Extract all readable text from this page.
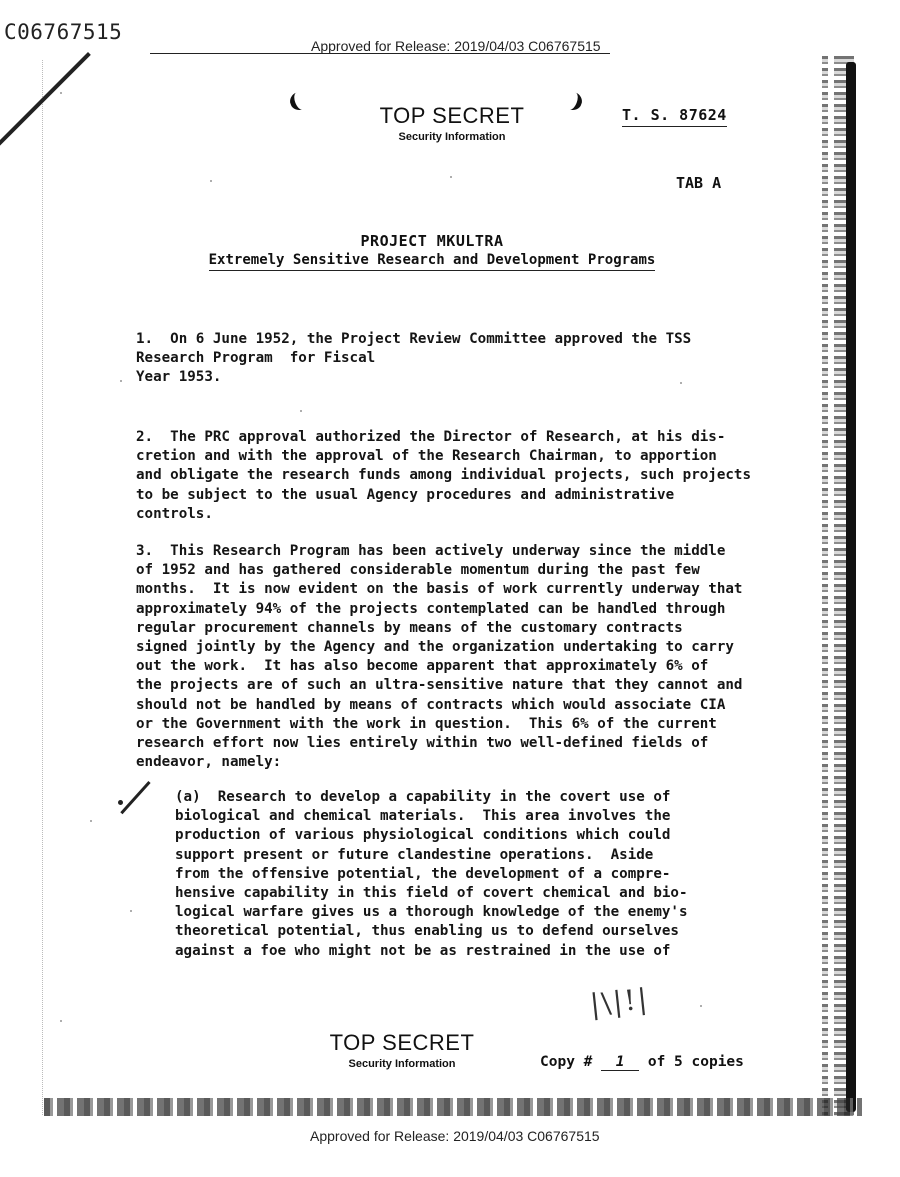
C06767515
Approved for Release: 2019/04/03 C06767515
TOP SECRET
Security Information
T. S. 87624
TAB A
PROJECT MKULTRA
Extremely Sensitive Research and Development Programs
1.  On 6 June 1952, the Project Review Committee approved the TSS
Research Program  for Fiscal
Year 1953.
2.  The PRC approval authorized the Director of Research, at his dis-
cretion and with the approval of the Research Chairman, to apportion
and obligate the research funds among individual projects, such projects
to be subject to the usual Agency procedures and administrative
controls.
3.  This Research Program has been actively underway since the middle
of 1952 and has gathered considerable momentum during the past few
months.  It is now evident on the basis of work currently underway that
approximately 94% of the projects contemplated can be handled through
regular procurement channels by means of the customary contracts
signed jointly by the Agency and the organization undertaking to carry
out the work.  It has also become apparent that approximately 6% of
the projects are of such an ultra-sensitive nature that they cannot and
should not be handled by means of contracts which would associate CIA
or the Government with the work in question.  This 6% of the current
research effort now lies entirely within two well-defined fields of
endeavor, namely:
(a)  Research to develop a capability in the covert use of
biological and chemical materials.  This area involves the
production of various physiological conditions which could
support present or future clandestine operations.  Aside
from the offensive potential, the development of a compre-
hensive capability in this field of covert chemical and bio-
logical warfare gives us a thorough knowledge of the enemy's
theoretical potential, thus enabling us to defend ourselves
against a foe who might not be as restrained in the use of
|\|!|
TOP SECRET
Security Information	Copy # 1 of 5 copies
Approved for Release: 2019/04/03 C06767515
